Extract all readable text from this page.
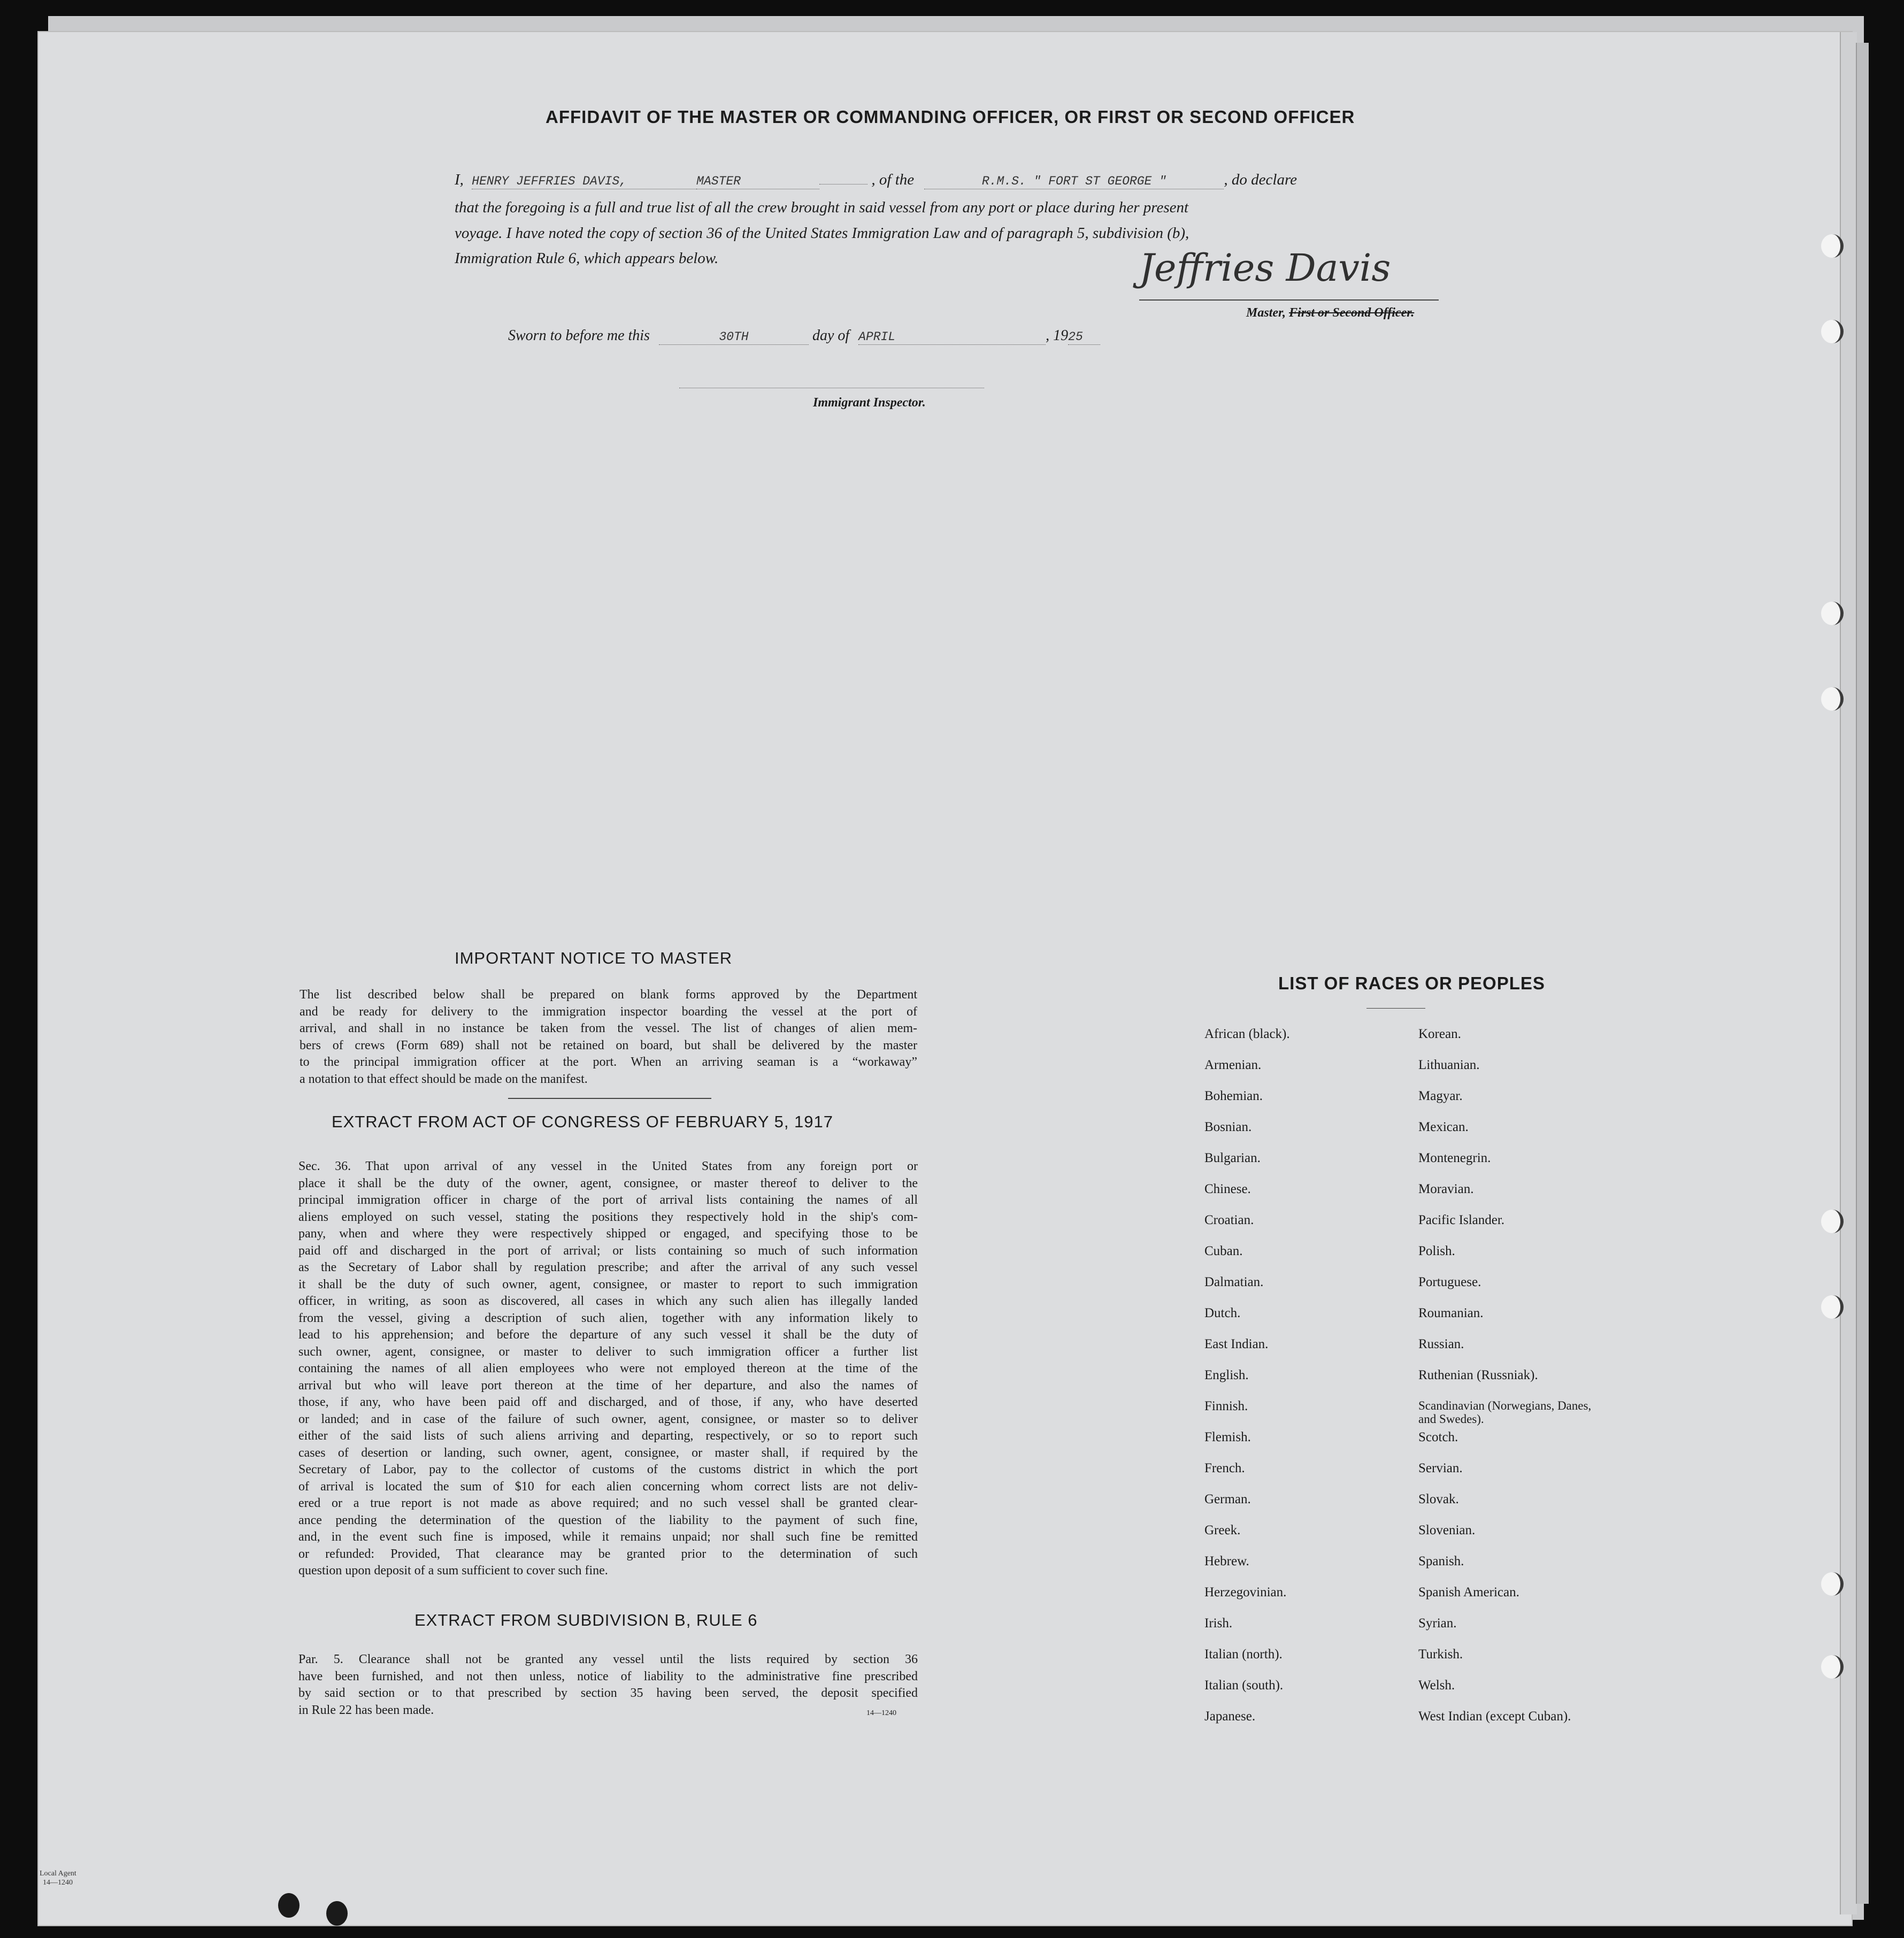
AFFIDAVIT OF THE MASTER OR COMMANDING OFFICER, OR FIRST OR SECOND OFFICER
I, HENRY JEFFRIES DAVIS,	MASTER	, of the	R.M.S. " FORT ST GEORGE "	, do declare
that the foregoing is a full and true list of all the crew brought in said vessel from any port or place during her present
voyage. I have noted the copy of section 36 of the United States Immigration Law and of paragraph 5, subdivision (b),
Immigration Rule 6, which appears below.	Jeffries Davis
Master, First or Second Officer.
Sworn to before me this	30TH	day of APRIL	, 1925
Immigrant Inspector.
IMPORTANT NOTICE TO MASTER
The list described below shall be prepared on blank forms approved by the Department
and be ready for delivery to the immigration inspector boarding the vessel at the port of
arrival, and shall in no instance be taken from the vessel. The list of changes of alien mem-
bers of crews (Form 689) shall not be retained on board, but shall be delivered by the master
to the principal immigration officer at the port. When an arriving seaman is a “workaway”
a notation to that effect should be made on the manifest.
EXTRACT FROM ACT OF CONGRESS OF FEBRUARY 5, 1917
Sec. 36. That upon arrival of any vessel in the United States from any foreign port or
place it shall be the duty of the owner, agent, consignee, or master thereof to deliver to the
principal immigration officer in charge of the port of arrival lists containing the names of all
aliens employed on such vessel, stating the positions they respectively hold in the ship's com-
pany, when and where they were respectively shipped or engaged, and specifying those to be
paid off and discharged in the port of arrival; or lists containing so much of such information
as the Secretary of Labor shall by regulation prescribe; and after the arrival of any such vessel
it shall be the duty of such owner, agent, consignee, or master to report to such immigration
officer, in writing, as soon as discovered, all cases in which any such alien has illegally landed
from the vessel, giving a description of such alien, together with any information likely to
lead to his apprehension; and before the departure of any such vessel it shall be the duty of
such owner, agent, consignee, or master to deliver to such immigration officer a further list
containing the names of all alien employees who were not employed thereon at the time of the
arrival but who will leave port thereon at the time of her departure, and also the names of
those, if any, who have been paid off and discharged, and of those, if any, who have deserted
or landed; and in case of the failure of such owner, agent, consignee, or master so to deliver
either of the said lists of such aliens arriving and departing, respectively, or so to report such
cases of desertion or landing, such owner, agent, consignee, or master shall, if required by the
Secretary of Labor, pay to the collector of customs of the customs district in which the port
of arrival is located the sum of $10 for each alien concerning whom correct lists are not deliv-
ered or a true report is not made as above required; and no such vessel shall be granted clear-
ance pending the determination of the question of the liability to the payment of such fine,
and, in the event such fine is imposed, while it remains unpaid; nor shall such fine be remitted
or refunded: Provided, That clearance may be granted prior to the determination of such
question upon deposit of a sum sufficient to cover such fine.
EXTRACT FROM SUBDIVISION B, RULE 6
Par. 5. Clearance shall not be granted any vessel until the lists required by section 36
have been furnished, and not then unless, notice of liability to the administrative fine prescribed
by said section or to that prescribed by section 35 having been served, the deposit specified
in Rule 22 has been made.	14—1240
LIST OF RACES OR PEOPLES
African (black).
Armenian.
Bohemian.
Bosnian.
Bulgarian.
Chinese.
Croatian.
Cuban.
Dalmatian.
Dutch.
East Indian.
English.
Finnish.
Flemish.
French.
German.
Greek.
Hebrew.
Herzegovinian.
Irish.
Italian (north).
Italian (south).
Japanese.
Korean.
Lithuanian.
Magyar.
Mexican.
Montenegrin.
Moravian.
Pacific Islander.
Polish.
Portuguese.
Roumanian.
Russian.
Ruthenian (Russniak).
Scandinavian (Norwegians, Danes, and Swedes).
Scotch.
Servian.
Slovak.
Slovenian.
Spanish.
Spanish American.
Syrian.
Turkish.
Welsh.
West Indian (except Cuban).
Local Agent
14—1240
